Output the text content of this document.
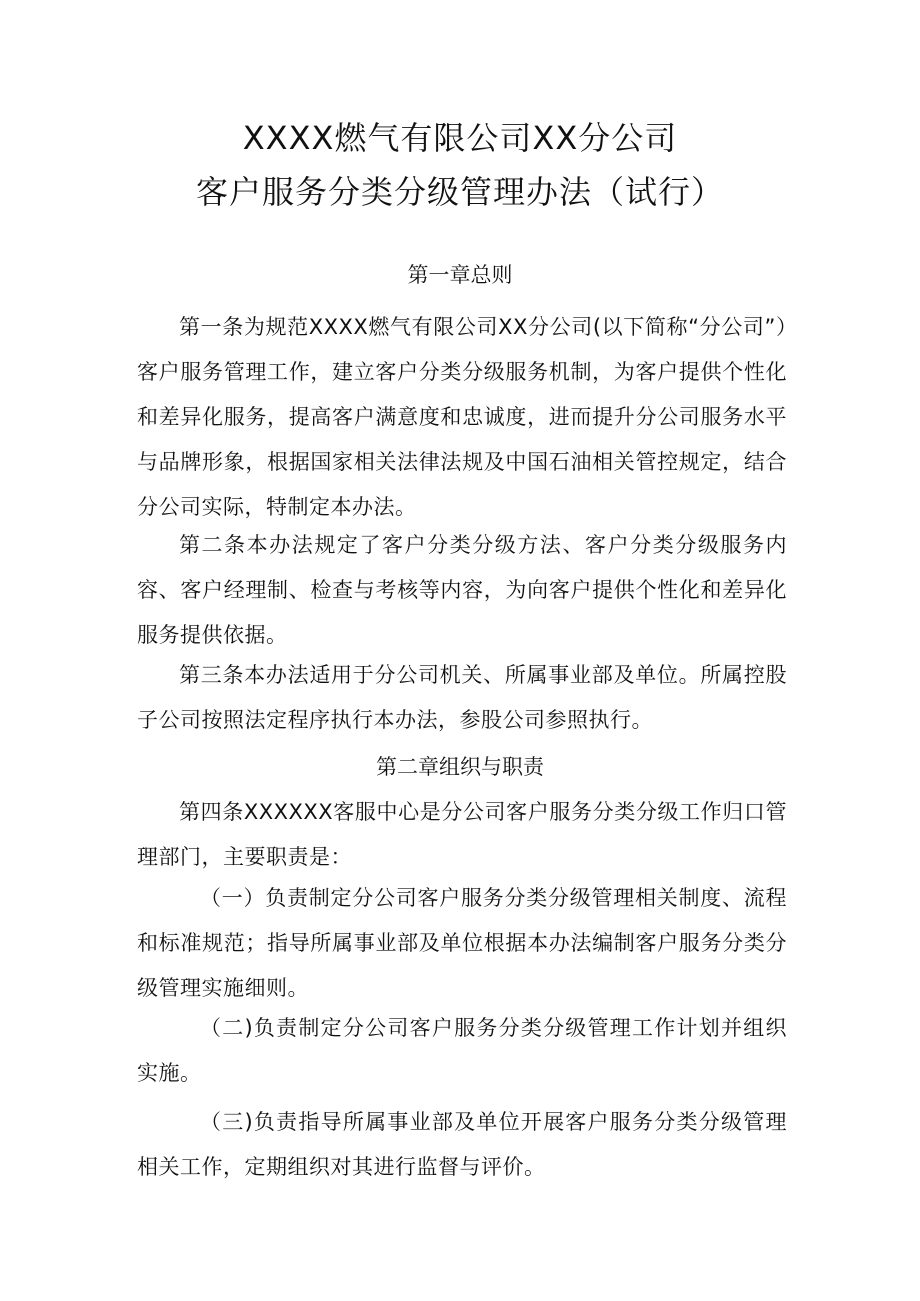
XXXX燃气有限公司XX分公司
客户服务分类分级管理办法（试行）
第一章总则

第一条为规范XXXX燃气有限公司XX分公司(以下简称“分公司”）客户服务管理工作，建立客户分类分级服务机制，为客户提供个性化和差异化服务，提高客户满意度和忠诚度，进而提升分公司服务水平与品牌形象，根据国家相关法律法规及中国石油相关管控规定，结合分公司实际，特制定本办法。

第二条本办法规定了客户分类分级方法、客户分类分级服务内容、客户经理制、检查与考核等内容，为向客户提供个性化和差异化服务提供依据。

第三条本办法适用于分公司机关、所属事业部及单位。所属控股子公司按照法定程序执行本办法，参股公司参照执行。

第二章组织与职责

第四条XXXXXX客服中心是分公司客户服务分类分级工作归口管理部门，主要职责是：

（一）负责制定分公司客户服务分类分级管理相关制度、流程和标准规范；指导所属事业部及单位根据本办法编制客户服务分类分级管理实施细则。

（二)负责制定分公司客户服务分类分级管理工作计划并组织实施。

（三)负责指导所属事业部及单位开展客户服务分类分级管理相关工作，定期组织对其进行监督与评价。
